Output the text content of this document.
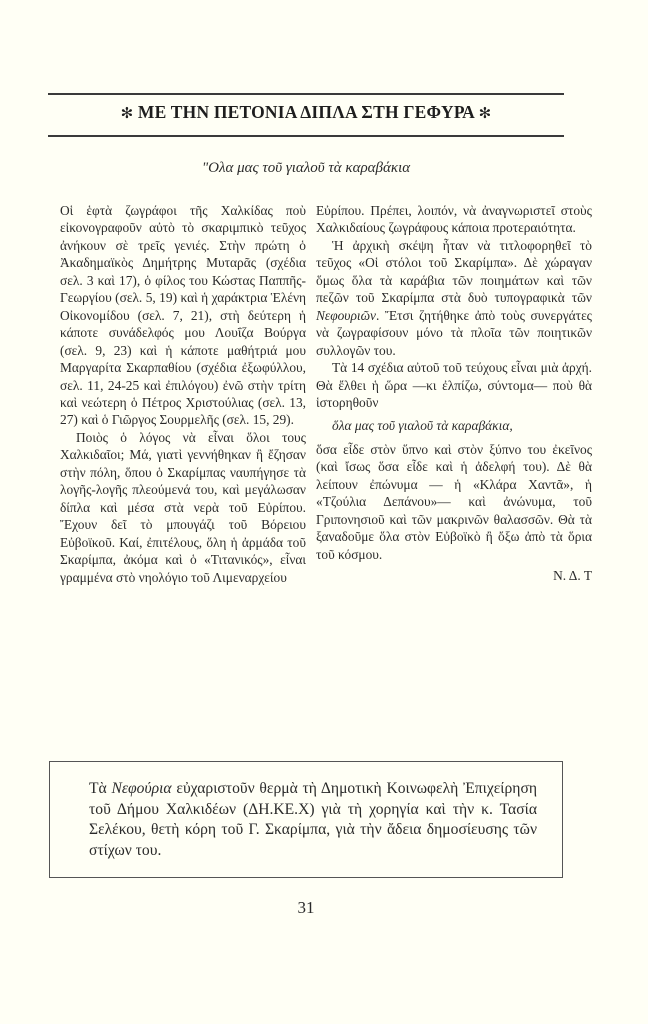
✻ ΜΕ ΤΗΝ ΠΕΤΟΝΙΑ ΔΙΠΛΑ ΣΤΗ ΓΕΦΥΡΑ ✻
"Ολα μας τοῦ γιαλοῦ τὰ καραβάκια

Οἱ ἑφτὰ ζωγράφοι τῆς Χαλκίδας ποὺ εἰκονογραφοῦν αὐτὸ τὸ σκαριμπικὸ τεῦχος ἀνήκουν σὲ τρεῖς γενιές. Στὴν πρώτη ὁ Ἀκαδημαϊκὸς Δημήτρης Μυταρᾶς (σχέδια σελ. 3 καὶ 17), ὁ φίλος του Κώστας Παππῆς-Γεωργίου (σελ. 5, 19) καὶ ἡ χαράκτρια Ἑλένη Οἰκονομίδου (σελ. 7, 21), στὴ δεύτερη ἡ κάποτε συνάδελφός μου Λουΐζα Βούργα (σελ. 9, 23) καὶ ἡ κάποτε μαθήτριά μου Μαργαρίτα Σκαρπαθίου (σχέδια ἐξωφύλλου, σελ. 11, 24-25 καὶ ἐπιλόγου) ἐνῶ στὴν τρίτη καὶ νεώτερη ὁ Πέτρος Χριστούλιας (σελ. 13, 27) καὶ ὁ Γιῶργος Σουρμελῆς (σελ. 15, 29).

Ποιὸς ὁ λόγος νὰ εἶναι ὅλοι τους Χαλκιδαῖοι; Μά, γιατὶ γεννήθηκαν ἢ ἔζησαν στὴν πόλη, ὅπου ὁ Σκαρίμπας ναυπήγησε τὰ λογῆς-λογῆς πλεούμενά του, καὶ μεγάλωσαν δίπλα καὶ μέσα στὰ νερὰ τοῦ Εὐρίπου. Ἔχουν δεῖ τὸ μπουγάζι τοῦ Βόρειου Εὐβοϊκοῦ. Καί, ἐπιτέλους, ὅλη ἡ ἀρμάδα τοῦ Σκαρίμπα, ἀκόμα καὶ ὁ «Τιτανικός», εἶναι γραμμένα στὸ νηολόγιο τοῦ Λιμεναρχείου

Εὐρίπου. Πρέπει, λοιπόν, νὰ ἀναγνωριστεῖ στοὺς Χαλκιδαίους ζωγράφους κάποια προτεραιότητα.

Ἡ ἀρχικὴ σκέψη ἦταν νὰ τιτλοφορηθεῖ τὸ τεῦχος «Οἱ στόλοι τοῦ Σκαρίμπα». Δὲ χώραγαν ὅμως ὅλα τὰ καράβια τῶν ποιημάτων καὶ τῶν πεζῶν τοῦ Σκαρίμπα στὰ δυὸ τυπογραφικὰ τῶν Νεφουριῶν. Ἔτσι ζητήθηκε ἀπὸ τοὺς συνεργάτες νὰ ζωγραφίσουν μόνο τὰ πλοῖα τῶν ποιητικῶν συλλογῶν του.

Τὰ 14 σχέδια αὐτοῦ τοῦ τεύχους εἶναι μιὰ ἀρχή. Θὰ ἔλθει ἡ ὥρα —κι ἐλπίζω, σύντομα— ποὺ θὰ ἱστορηθοῦν

ὅλα μας τοῦ γιαλοῦ τὰ καραβάκια,

ὅσα εἶδε στὸν ὕπνο καὶ στὸν ξύπνο του ἐκεῖνος (καὶ ἴσως ὅσα εἶδε καὶ ἡ ἀδελφή του). Δὲ θὰ λείπουν ἐπώνυμα — ἡ «Κλάρα Χαντᾶ», ἡ «Τζούλια Δεπάνου»— καὶ ἀνώνυμα, τοῦ Γριπονησιοῦ καὶ τῶν μακρινῶν θαλασσῶν. Θὰ τὰ ξαναδοῦμε ὅλα στὸν Εὐβοϊκὸ ἢ ὄξω ἀπὸ τὰ ὅρια τοῦ κόσμου.

Ν. Δ. Τ

Τὰ Νεφούρια εὐχαριστοῦν θερμὰ τὴ Δημοτικὴ Κοινωφελὴ Ἐπιχείρηση τοῦ Δήμου Χαλκιδέων (ΔΗ.ΚΕ.Χ) γιὰ τὴ χορηγία καὶ τὴν κ. Τασία Σελέκου, θετὴ κόρη τοῦ Γ. Σκαρίμπα, γιὰ τὴν ἄδεια δημοσίευσης τῶν στίχων του.

31
